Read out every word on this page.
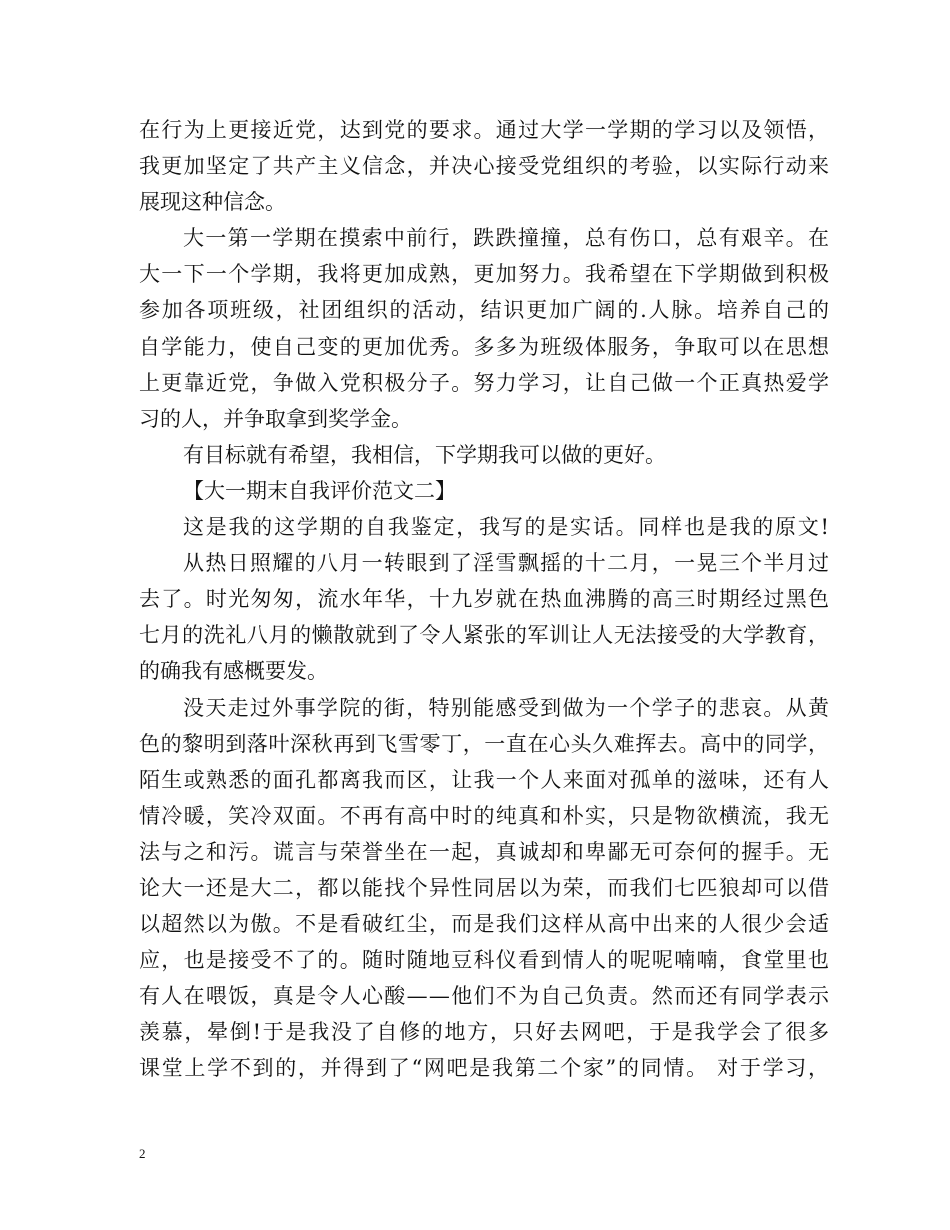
在行为上更接近党，达到党的要求。通过大学一学期的学习以及领悟，
我更加坚定了共产主义信念，并决心接受党组织的考验，以实际行动来
展现这种信念。
大一第一学期在摸索中前行，跌跌撞撞，总有伤口，总有艰辛。在
大一下一个学期，我将更加成熟，更加努力。我希望在下学期做到积极
参加各项班级，社团组织的活动，结识更加广阔的.人脉。培养自己的
自学能力，使自己变的更加优秀。多多为班级体服务，争取可以在思想
上更靠近党，争做入党积极分子。努力学习，让自己做一个正真热爱学
习的人，并争取拿到奖学金。
有目标就有希望，我相信，下学期我可以做的更好。
【大一期末自我评价范文二】
这是我的这学期的自我鉴定，我写的是实话。同样也是我的原文!
从热日照耀的八月一转眼到了淫雪飘摇的十二月，一晃三个半月过
去了。时光匆匆，流水年华，十九岁就在热血沸腾的高三时期经过黑色
七月的洗礼八月的懒散就到了令人紧张的军训让人无法接受的大学教育，
的确我有感概要发。
没天走过外事学院的街，特别能感受到做为一个学子的悲哀。从黄
色的黎明到落叶深秋再到飞雪零丁，一直在心头久难挥去。高中的同学，
陌生或熟悉的面孔都离我而区，让我一个人来面对孤单的滋味，还有人
情冷暖，笑冷双面。不再有高中时的纯真和朴实，只是物欲横流，我无
法与之和污。谎言与荣誉坐在一起，真诚却和卑鄙无可奈何的握手。无
论大一还是大二，都以能找个异性同居以为荣，而我们七匹狼却可以借
以超然以为傲。不是看破红尘，而是我们这样从高中出来的人很少会适
应，也是接受不了的。随时随地豆科仪看到情人的呢呢喃喃，食堂里也
有人在喂饭，真是令人心酸——他们不为自己负责。然而还有同学表示
羡慕，晕倒!于是我没了自修的地方，只好去网吧，于是我学会了很多
课堂上学不到的，并得到了“网吧是我第二个家”的同情。 对于学习，
2
